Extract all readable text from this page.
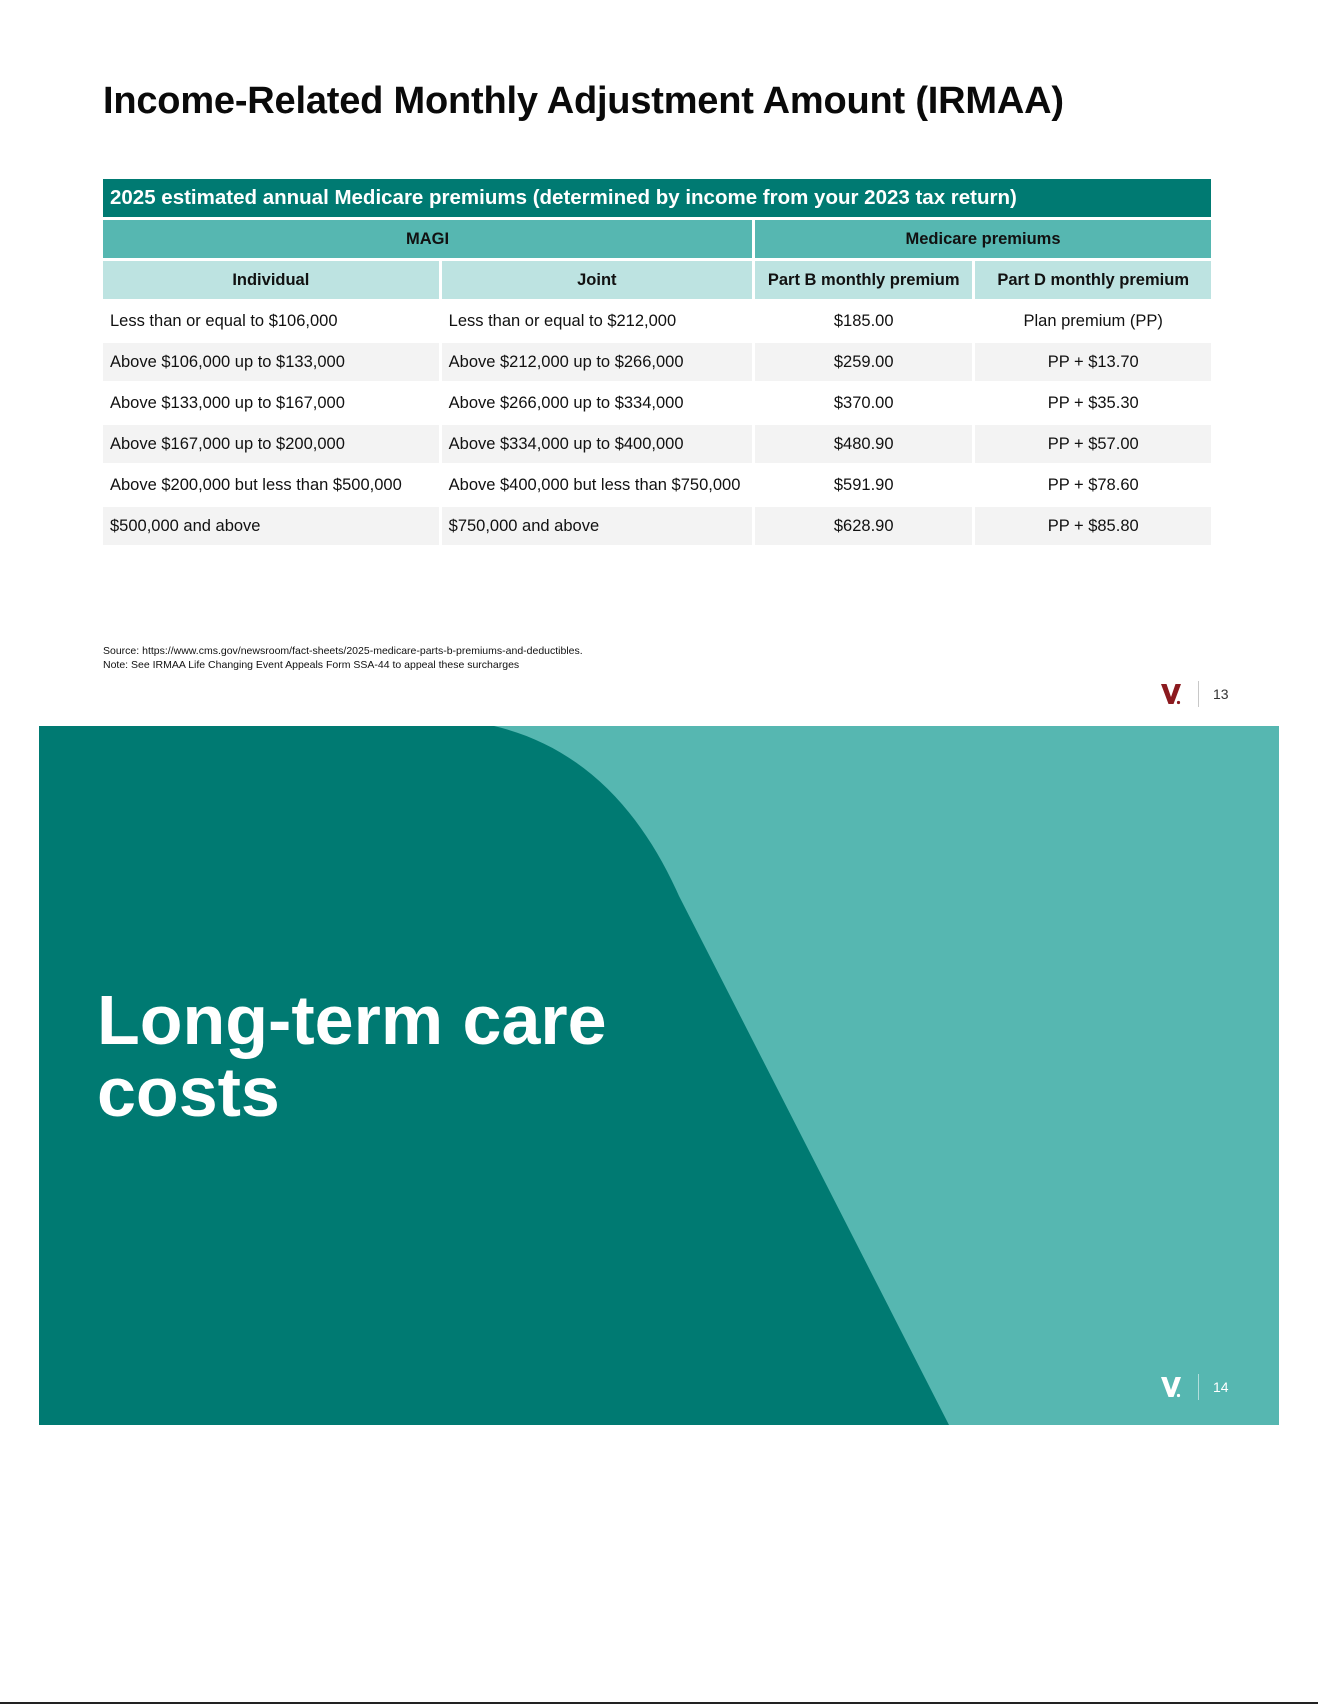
Income-Related Monthly Adjustment Amount (IRMAA)
2025 estimated annual Medicare premiums (determined by income from your 2023 tax return)			
MAGI		Medicare premiums	
Individual	Joint	Part B monthly premium	Part D monthly premium
Less than or equal to $106,000	Less than or equal to $212,000	$185.00	Plan premium (PP)
Above $106,000 up to $133,000	Above $212,000 up to $266,000	$259.00	PP + $13.70
Above $133,000 up to $167,000	Above $266,000 up to $334,000	$370.00	PP + $35.30
Above $167,000 up to $200,000	Above $334,000 up to $400,000	$480.90	PP + $57.00
Above $200,000 but less than $500,000	Above $400,000 but less than $750,000	$591.90	PP + $78.60
$500,000 and above	$750,000 and above	$628.90	PP + $85.80
Source: https://www.cms.gov/newsroom/fact-sheets/2025-medicare-parts-b-premiums-and-deductibles.
Note: See IRMAA Life Changing Event Appeals Form SSA-44 to appeal these surcharges
13
Long-term care
costs
14
